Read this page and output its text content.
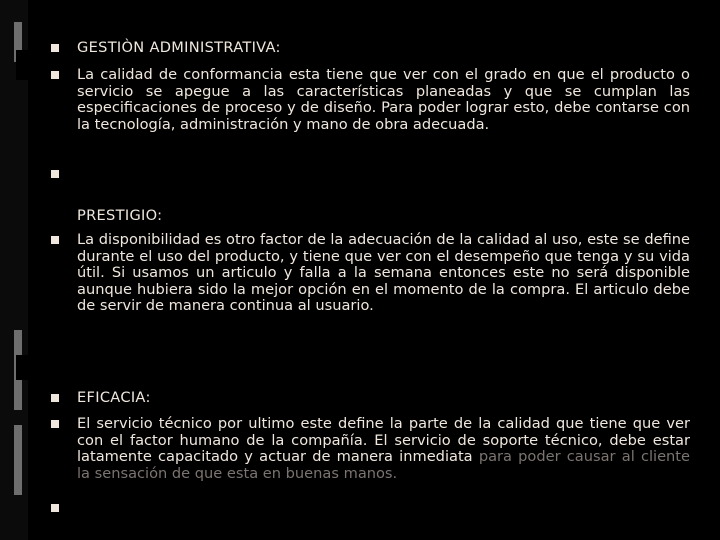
GESTIÒN ADMINISTRATIVA:
La calidad de conformancia esta tiene que ver con el grado en que el producto o servicio se apegue a las características planeadas y que se cumplan las especificaciones de proceso y de diseño. Para poder lograr esto, debe contarse con la tecnología, administración y mano de obra adecuada.
PRESTIGIO:
La disponibilidad es otro factor de la adecuación de la calidad al uso, este se define durante el uso del producto, y tiene que ver con el desempeño que tenga y su vida útil. Si usamos un articulo y falla a la semana entonces este no será disponible aunque hubiera sido la mejor opción en el momento de la compra. El articulo debe de servir de manera continua al usuario.
EFICACIA:
El servicio técnico por ultimo este define la parte de la calidad que tiene que ver con el factor humano de la compañía. El servicio de soporte técnico, debe estar latamente capacitado y actuar de manera inmediata para poder causar al cliente la sensación de que esta en buenas manos.
